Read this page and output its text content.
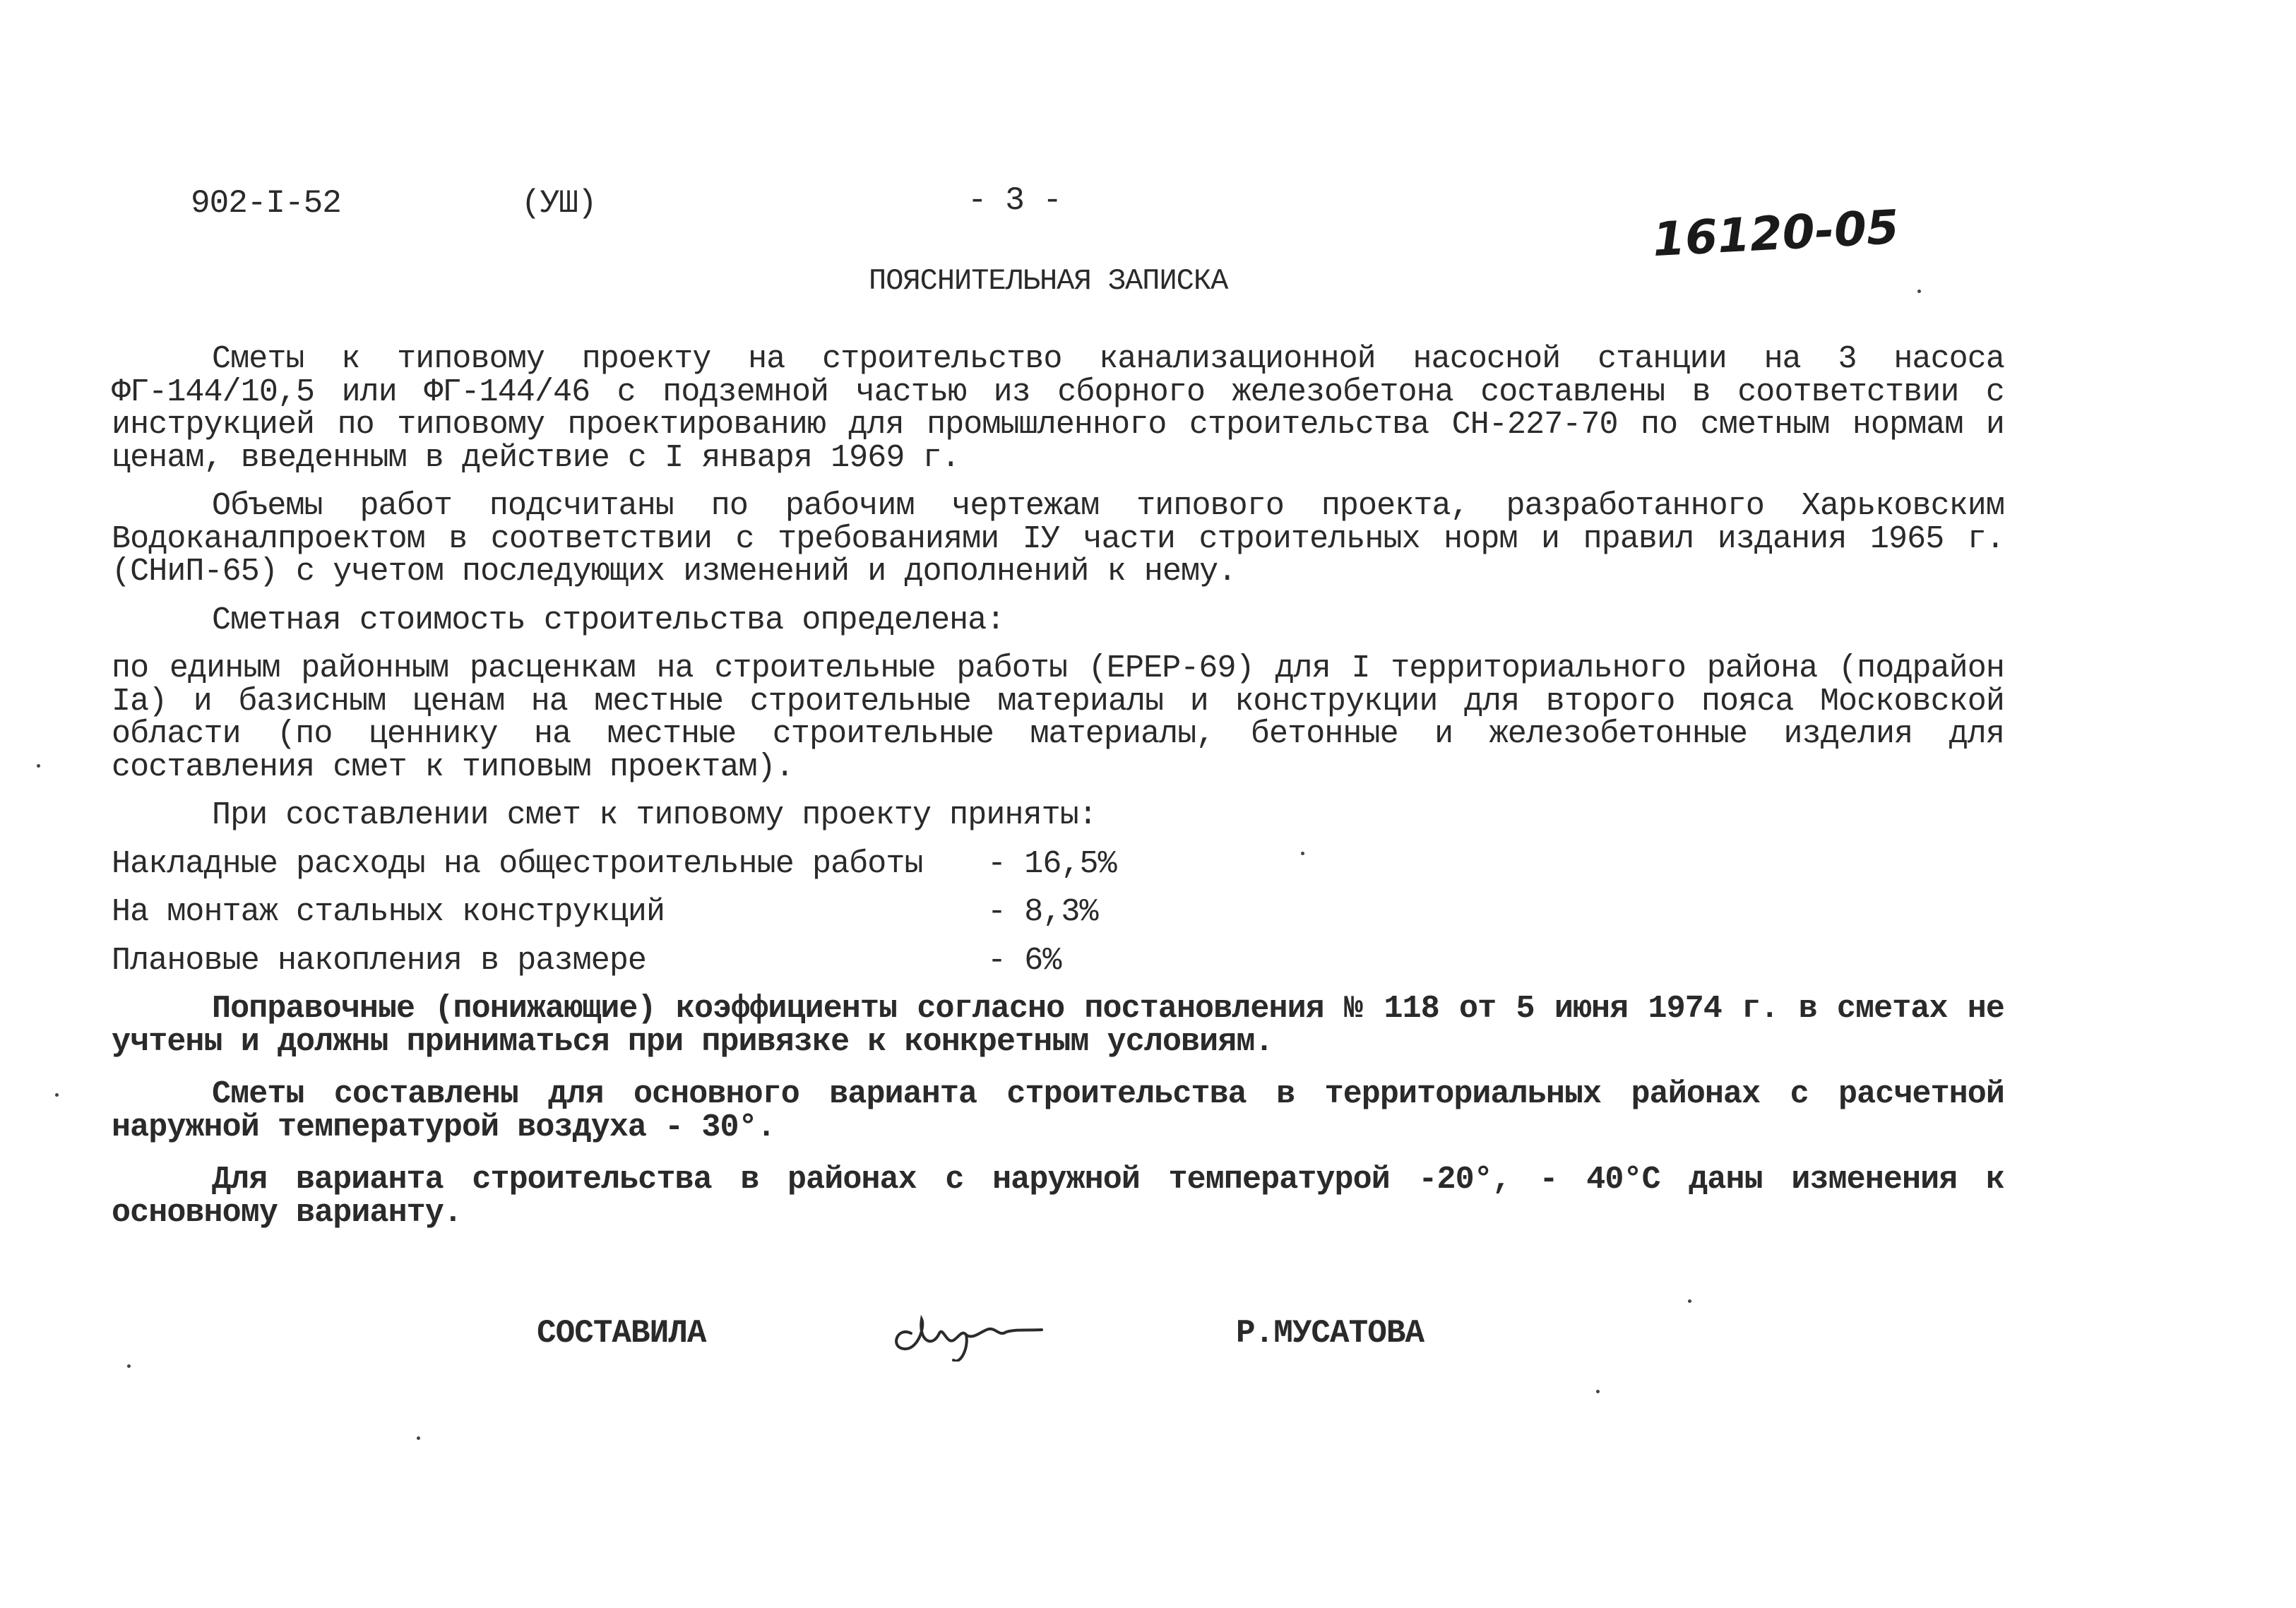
902-I-52	(УШ)	- 3 -	16120-05
ПОЯСНИТЕЛЬНАЯ ЗАПИСКА

Сметы к типовому проекту на строительство канализационной насосной станции на 3 насоса ФГ-144/10,5 или ФГ-144/46 с подземной частью из сборного железобетона составлены в соответствии с инструкцией по типовому проектированию для промышленного строительства СН-227-70 по сметным нормам и ценам, введенным в действие с I января 1969 г.

Объемы работ подсчитаны по рабочим чертежам типового проекта, разработанного Харьковским Водоканалпроектом в соответствии с требованиями IУ части строительных норм и правил издания 1965 г. (СНиП-65) с учетом последующих изменений и дополнений к нему.

Сметная стоимость строительства определена:

по единым районным расценкам на строительные работы (ЕРЕР-69) для I территориального района (подрайон Iа) и базисным ценам на местные строительные материалы и конструкции для второго пояса Московской области (по ценнику на местные строительные материалы, бетонные и железобетонные изделия для составления смет к типовым проектам).

При составлении смет к типовому проекту приняты:

Накладные расходы на общестроительные работы	- 16,5%
На монтаж стальных конструкций	- 8,3%
Плановые накопления в размере	- 6%

Поправочные (понижающие) коэффициенты согласно постановления № 118 от 5 июня 1974 г. в сметах не учтены и должны приниматься при привязке к конкретным условиям.

Сметы составлены для основного варианта строительства в территориальных районах с расчетной наружной температурой воздуха - 30°.

Для варианта строительства в районах с наружной температурой -20°, - 40°С даны изменения к основному варианту.

СОСТАВИЛА	Р.МУСАТОВА
